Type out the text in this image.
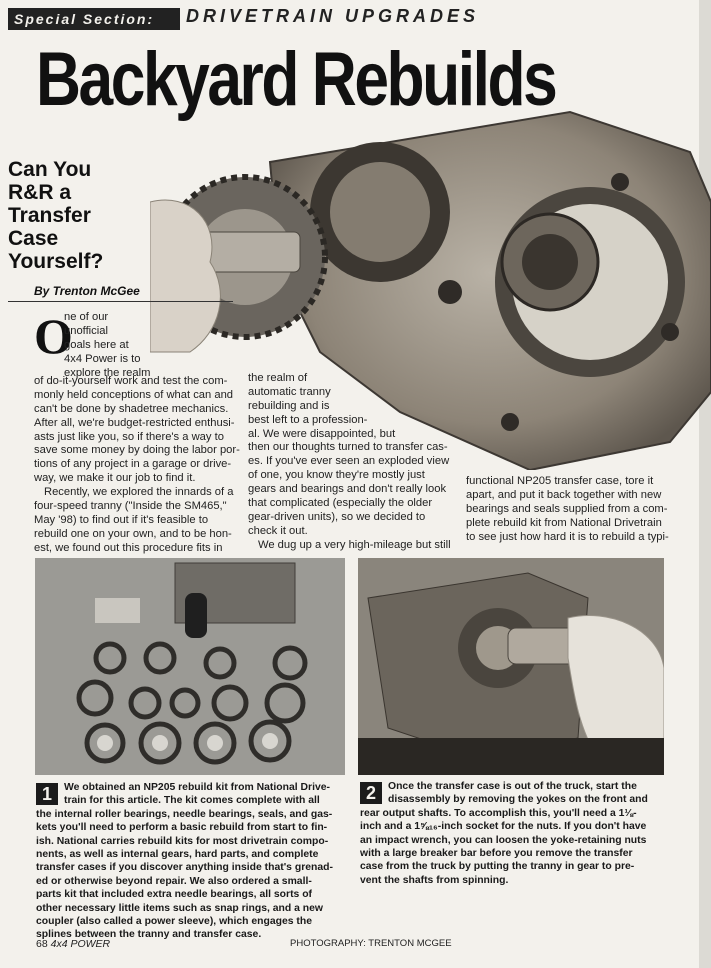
Special Section:	DRIVETRAIN UPGRADES
Backyard Rebuilds
Can You
R&R a
Transfer
Case
Yourself?
By Trenton McGee
O
ne of our
unofficial
goals here at
4x4 Power is to
explore the realm
of do-it-yourself work and test the com-
monly held conceptions of what can and
can't be done by shadetree mechanics.
After all, we're budget-restricted enthusi-
asts just like you, so if there's a way to
save some money by doing the labor por-
tions of any project in a garage or drive-
way, we make it our job to find it.
Recently, we explored the innards of a
four-speed tranny ("Inside the SM465,"
May '98) to find out if it's feasible to
rebuild one on your own, and to be hon-
est, we found out this procedure fits in
the realm of
automatic tranny
rebuilding and is
best left to a profession-
al. We were disappointed, but
then our thoughts turned to transfer cas-
es. If you've ever seen an exploded view
of one, you know they're mostly just
gears and bearings and don't really look
that complicated (especially the older
gear-driven units), so we decided to
check it out.
We dug up a very high-mileage but still
functional NP205 transfer case, tore it
apart, and put it back together with new
bearings and seals supplied from a com-
plete rebuild kit from National Drivetrain
to see just how hard it is to rebuild a typi-
1	We obtained an NP205 rebuild kit from National Drive-
train for this article. The kit comes complete with all
the internal roller bearings, needle bearings, seals, and gas-
kets you'll need to perform a basic rebuild from start to fin-
ish. National carries rebuild kits for most drivetrain compo-
nents, as well as internal gears, hard parts, and complete
transfer cases if you discover anything inside that's grenad-
ed or otherwise beyond repair. We also ordered a small-
parts kit that included extra needle bearings, all sorts of
other necessary little items such as snap rings, and a new
coupler (also called a power sleeve), which engages the
splines between the tranny and transfer case.
2	Once the transfer case is out of the truck, start the
disassembly by removing the yokes on the front and
rear output shafts. To accomplish this, you'll need a 1⅛-
inch and a 1⅝₁₆-inch socket for the nuts. If you don't have
an impact wrench, you can loosen the yoke-retaining nuts
with a large breaker bar before you remove the transfer
case from the truck by putting the tranny in gear to pre-
vent the shafts from spinning.
68 4x4 POWER	PHOTOGRAPHY: TRENTON MCGEE
